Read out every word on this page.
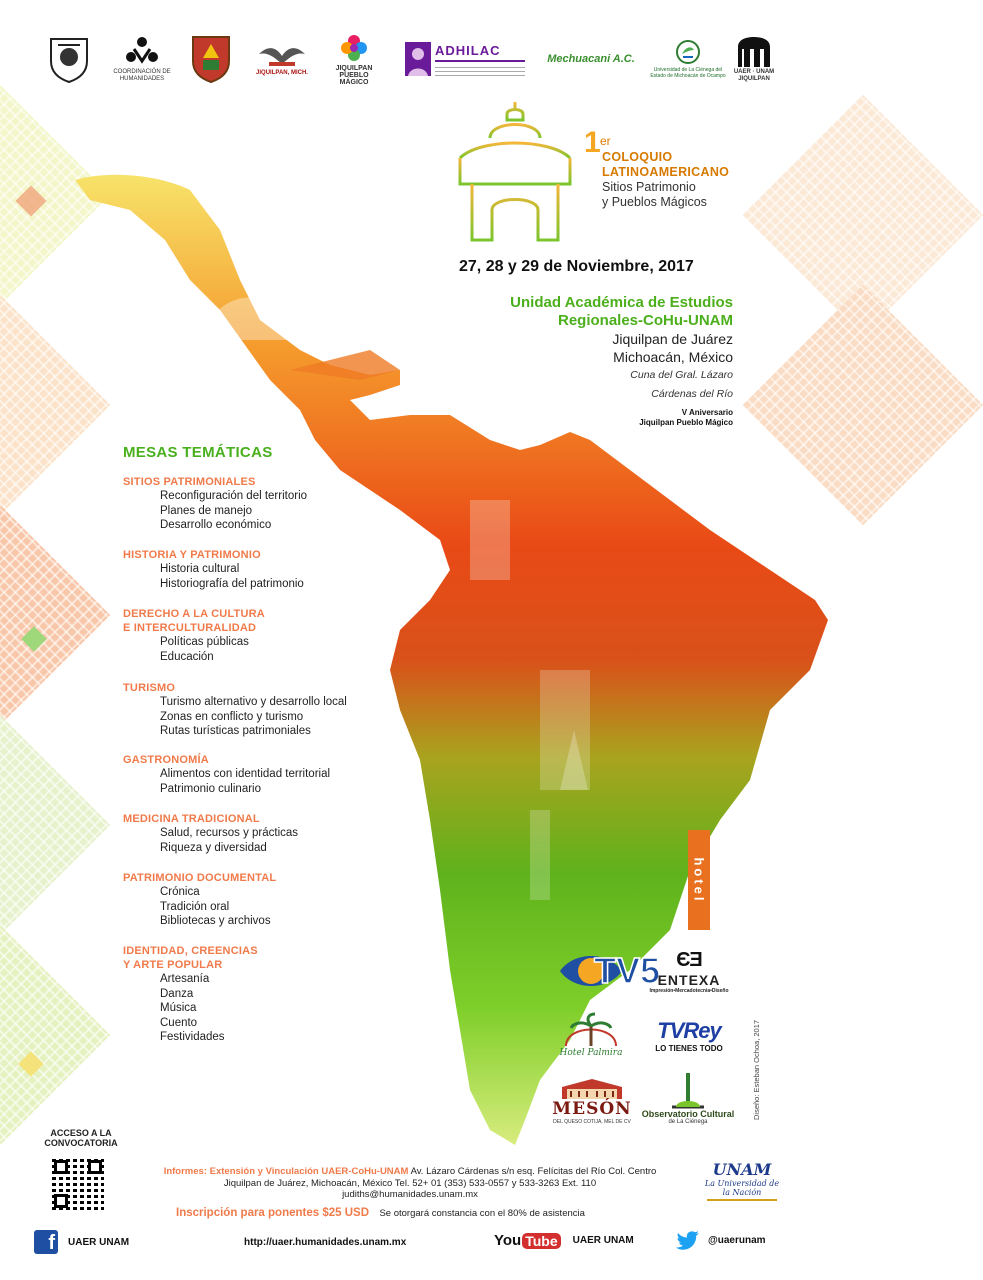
COORDINACIÓN DE HUMANIDADES
JIQUILPAN, MICH.
JIQUILPAN PUEBLO MÁGICO
ADHILAC
Mechuacani A.C.
Universidad de La Ciénega del Estado de Michoacán de Ocampo
UAER · UNAM JIQUILPAN
hotel
1 er
COLOQUIO
LATINOAMERICANO
Sitios Patrimonio
y Pueblos Mágicos
27, 28 y 29 de Noviembre, 2017
Unidad Académica de Estudios
Regionales-CoHu-UNAM
Jiquilpan de Juárez
Michoacán, México
Cuna del Gral. Lázaro
Cárdenas del Río
V Aniversario
Jiquilpan Pueblo Mágico
MESAS TEMÁTICAS
SITIOS PATRIMONIALES
Reconfiguración del territorio
Planes de manejo
Desarrollo económico
HISTORIA Y PATRIMONIO
Historia cultural
Historiografía del patrimonio
DERECHO A LA CULTURA
E INTERCULTURALIDAD
Políticas públicas
Educación
TURISMO
Turismo alternativo y desarrollo local
Zonas en conflicto y turismo
Rutas turísticas patrimoniales
GASTRONOMÍA
Alimentos con identidad territorial
Patrimonio culinario
MEDICINA TRADICIONAL
Salud, recursos y prácticas
Riqueza y diversidad
PATRIMONIO DOCUMENTAL
Crónica
Tradición oral
Bibliotecas y archivos
IDENTIDAD, CREENCIAS
Y ARTE POPULAR
Artesanía
Danza
Música
Cuento
Festividades
TV5 ЄƎ
ENTEXA
Impresión•Mercadotecnia•Diseño
Hotel Palmira
TVRey
LO TIENES TODO
MESÓN
DEL QUESO COTIJA, MEL DE CV
Observatorio Cultural
de La Ciénega
Diseño: Esteban Ochoa, 2017
ACCESO A LA
CONVOCATORIA
Informes: Extensión y Vinculación UAER-CoHu-UNAM Av. Lázaro Cárdenas s/n esq. Felícitas del Río Col. Centro
Jiquilpan de Juárez, Michoacán, México Tel. 52+ 01 (353) 533-0557 y 533-3263 Ext. 110
judiths@humanidades.unam.mx
Inscripción para ponentes $25 USD Se otorgará constancia con el 80% de asistencia
UNAM
La Universidad de la Nación
f	UAER UNAM	http://uaer.humanidades.unam.mx	You Tube	UAER UNAM	@uaerunam
